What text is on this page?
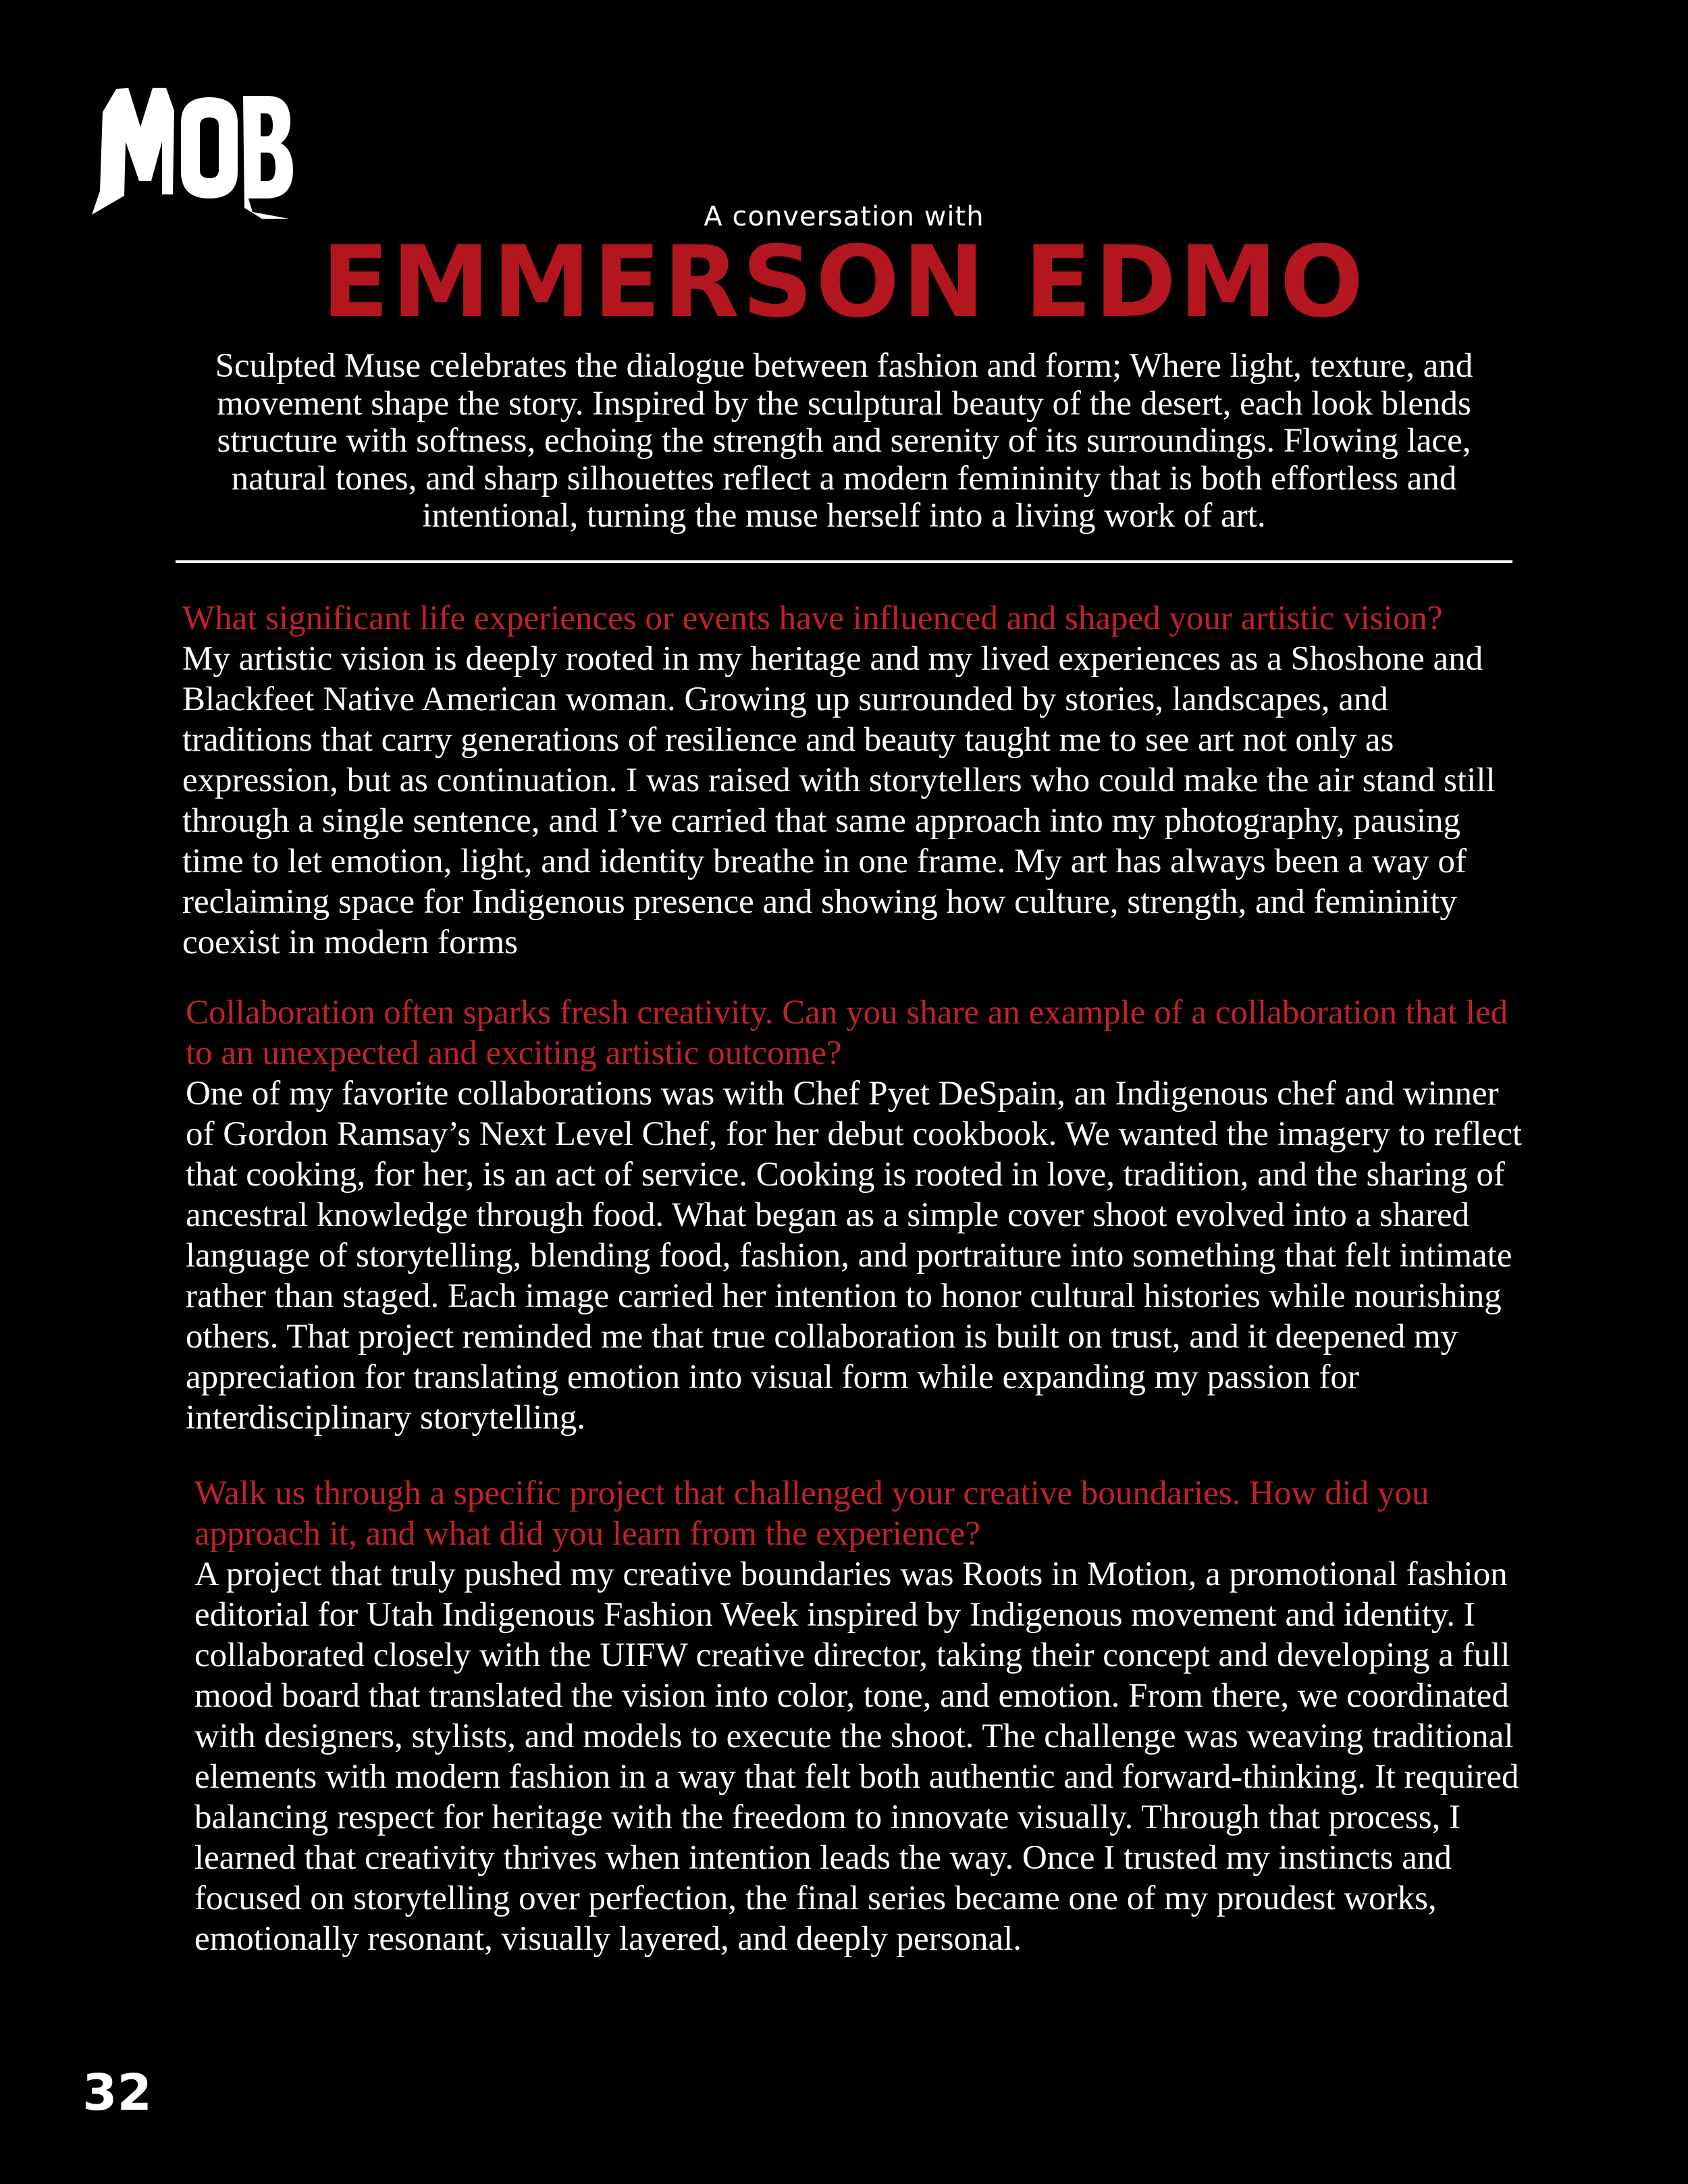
A conversation with
EMMERSON EDMO
Sculpted Muse celebrates the dialogue between fashion and form; Where light, texture, and movement shape the story. Inspired by the sculptural beauty of the desert, each look blends structure with softness, echoing the strength and serenity of its surroundings. Flowing lace, natural tones, and sharp silhouettes reflect a modern femininity that is both effortless and intentional, turning the muse herself into a living work of art.
What significant life experiences or events have influenced and shaped your artistic vision?
My artistic vision is deeply rooted in my heritage and my lived experiences as a Shoshone and Blackfeet Native American woman. Growing up surrounded by stories, landscapes, and traditions that carry generations of resilience and beauty taught me to see art not only as expression, but as continuation. I was raised with storytellers who could make the air stand still through a single sentence, and I’ve carried that same approach into my photography, pausing time to let emotion, light, and identity breathe in one frame. My art has always been a way of reclaiming space for Indigenous presence and showing how culture, strength, and femininity coexist in modern forms
Collaboration often sparks fresh creativity. Can you share an example of a collaboration that led to an unexpected and exciting artistic outcome?
One of my favorite collaborations was with Chef Pyet DeSpain, an Indigenous chef and winner of Gordon Ramsay’s Next Level Chef, for her debut cookbook. We wanted the imagery to reflect that cooking, for her, is an act of service. Cooking is rooted in love, tradition, and the sharing of ancestral knowledge through food. What began as a simple cover shoot evolved into a shared language of storytelling, blending food, fashion, and portraiture into something that felt intimate rather than staged. Each image carried her intention to honor cultural histories while nourishing others. That project reminded me that true collaboration is built on trust, and it deepened my appreciation for translating emotion into visual form while expanding my passion for interdisciplinary storytelling.
Walk us through a specific project that challenged your creative boundaries. How did you approach it, and what did you learn from the experience?
A project that truly pushed my creative boundaries was Roots in Motion, a promotional fashion editorial for Utah Indigenous Fashion Week inspired by Indigenous movement and identity. I collaborated closely with the UIFW creative director, taking their concept and developing a full mood board that translated the vision into color, tone, and emotion. From there, we coordinated with designers, stylists, and models to execute the shoot. The challenge was weaving traditional elements with modern fashion in a way that felt both authentic and forward-thinking. It required balancing respect for heritage with the freedom to innovate visually. Through that process, I learned that creativity thrives when intention leads the way. Once I trusted my instincts and focused on storytelling over perfection, the final series became one of my proudest works, emotionally resonant, visually layered, and deeply personal.
32
